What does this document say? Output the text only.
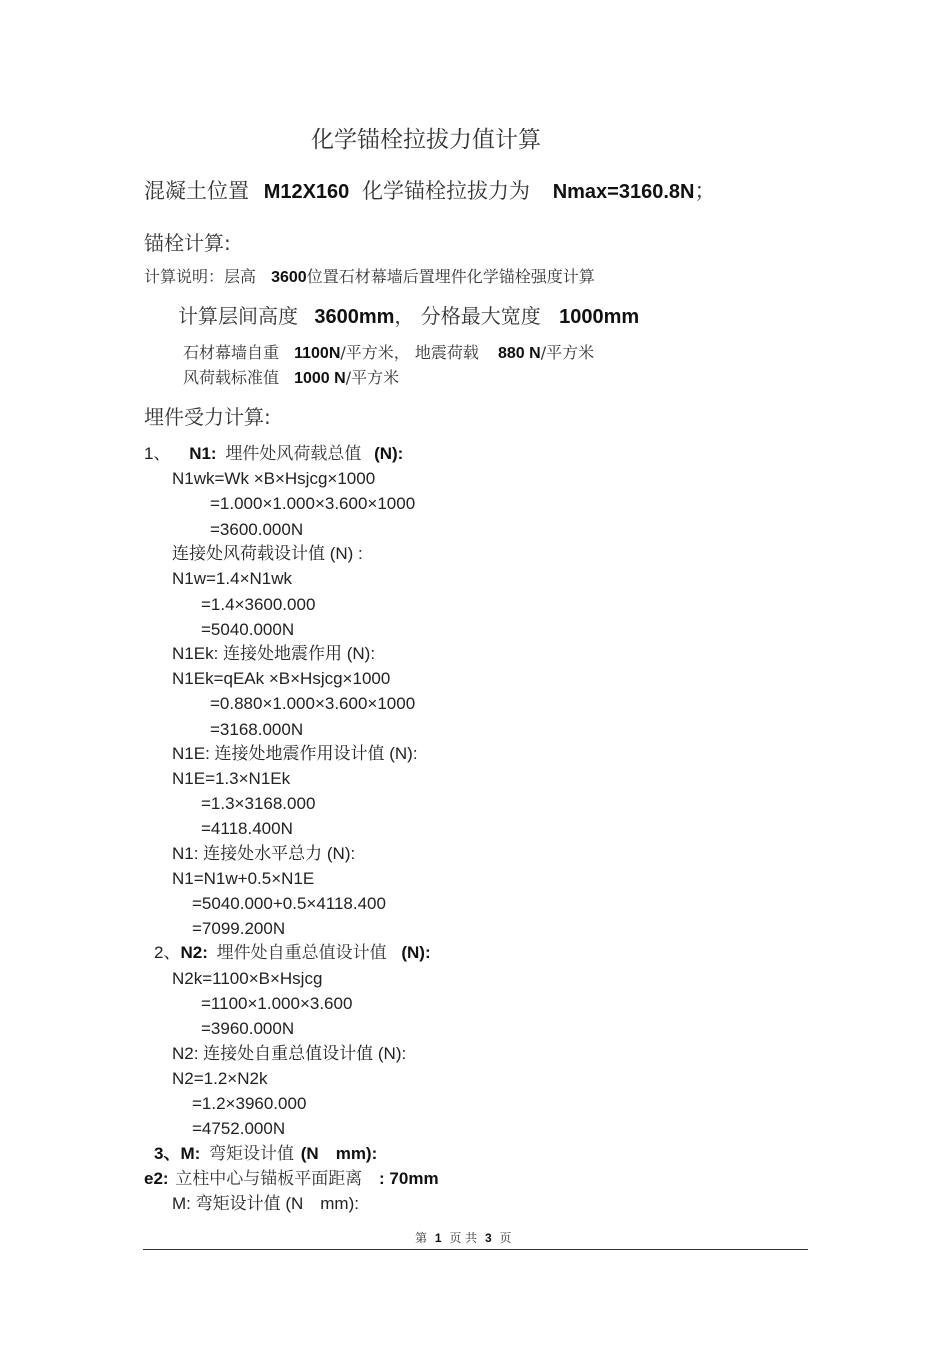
化学锚栓拉拔力值计算
混凝土位置 M12X160 化学锚栓拉拔力为 Nmax=3160.8N；
锚栓计算:
计算说明：层高 3600位置石材幕墙后置埋件化学锚栓强度计算
计算层间高度 3600mm， 分格最大宽度 1000mm
石材幕墙自重 1100N/平方米， 地震荷载 880 N/平方米
风荷载标准值 1000 N/平方米
埋件受力计算:
1、 N1: 埋件处风荷载总值 (N):
N1wk=Wk ×B×Hsjcg×1000
=1.000×1.000×3.600×1000
=3600.000N
连接处风荷载设计值 (N) :
N1w=1.4×N1wk
=1.4×3600.000
=5040.000N
N1Ek: 连接处地震作用 (N):
N1Ek=qEAk ×B×Hsjcg×1000
=0.880×1.000×3.600×1000
=3168.000N
N1E: 连接处地震作用设计值 (N):
N1E=1.3×N1Ek
=1.3×3168.000
=4118.400N
N1: 连接处水平总力 (N):
N1=N1w+0.5×N1E
=5040.000+0.5×4118.400
=7099.200N
2、N2: 埋件处自重总值设计值 (N):
N2k=1100×B×Hsjcg
=1100×1.000×3.600
=3960.000N
N2: 连接处自重总值设计值 (N):
N2=1.2×N2k
=1.2×3960.000
=4752.000N
3、M: 弯矩设计值 (N　mm):
e2: 立柱中心与锚板平面距离 : 70mm
M: 弯矩设计值 (N　mm):
第 1 页 共 3 页
